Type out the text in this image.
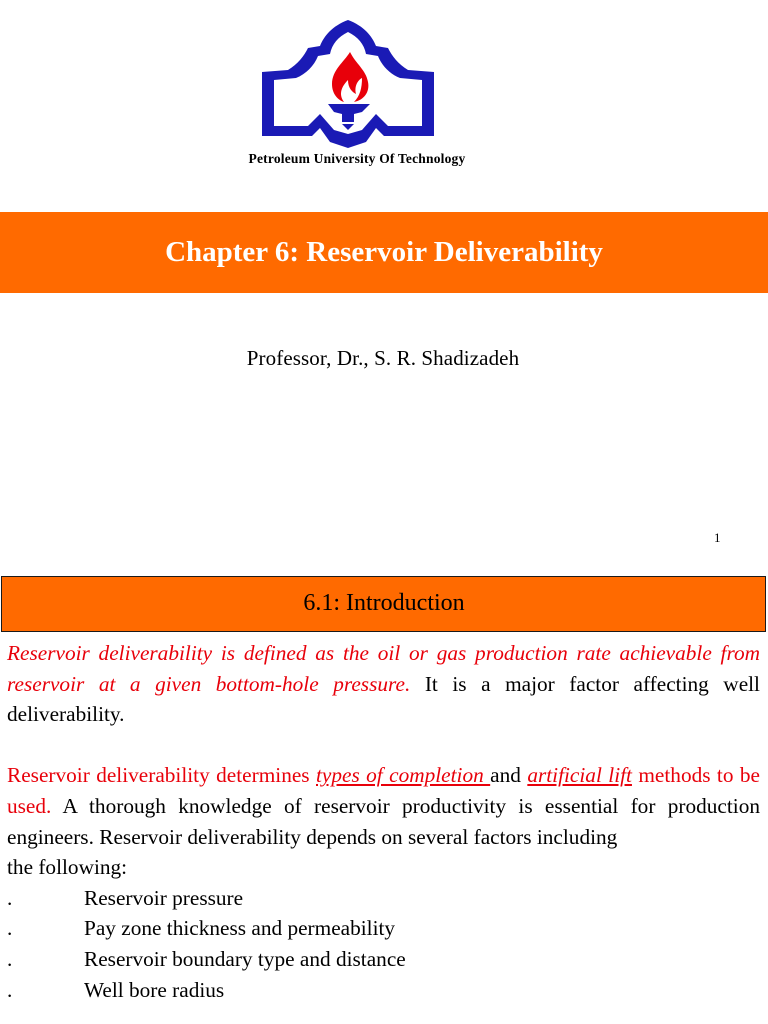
Petroleum University Of Technology
Chapter 6: Reservoir Deliverability
Professor, Dr., S. R. Shadizadeh
1
6.1: Introduction
Reservoir deliverability is defined as the oil or gas production rate achievable from reservoir at a given bottom-hole pressure. It is a major factor affecting well deliverability.
Reservoir deliverability determines types of completion and artificial lift methods to be used. A thorough knowledge of reservoir productivity is essential for production engineers. Reservoir deliverability depends on several factors including
the following:
.	Reservoir pressure
.	Pay zone thickness and permeability
.	Reservoir boundary type and distance
.	Well bore radius
